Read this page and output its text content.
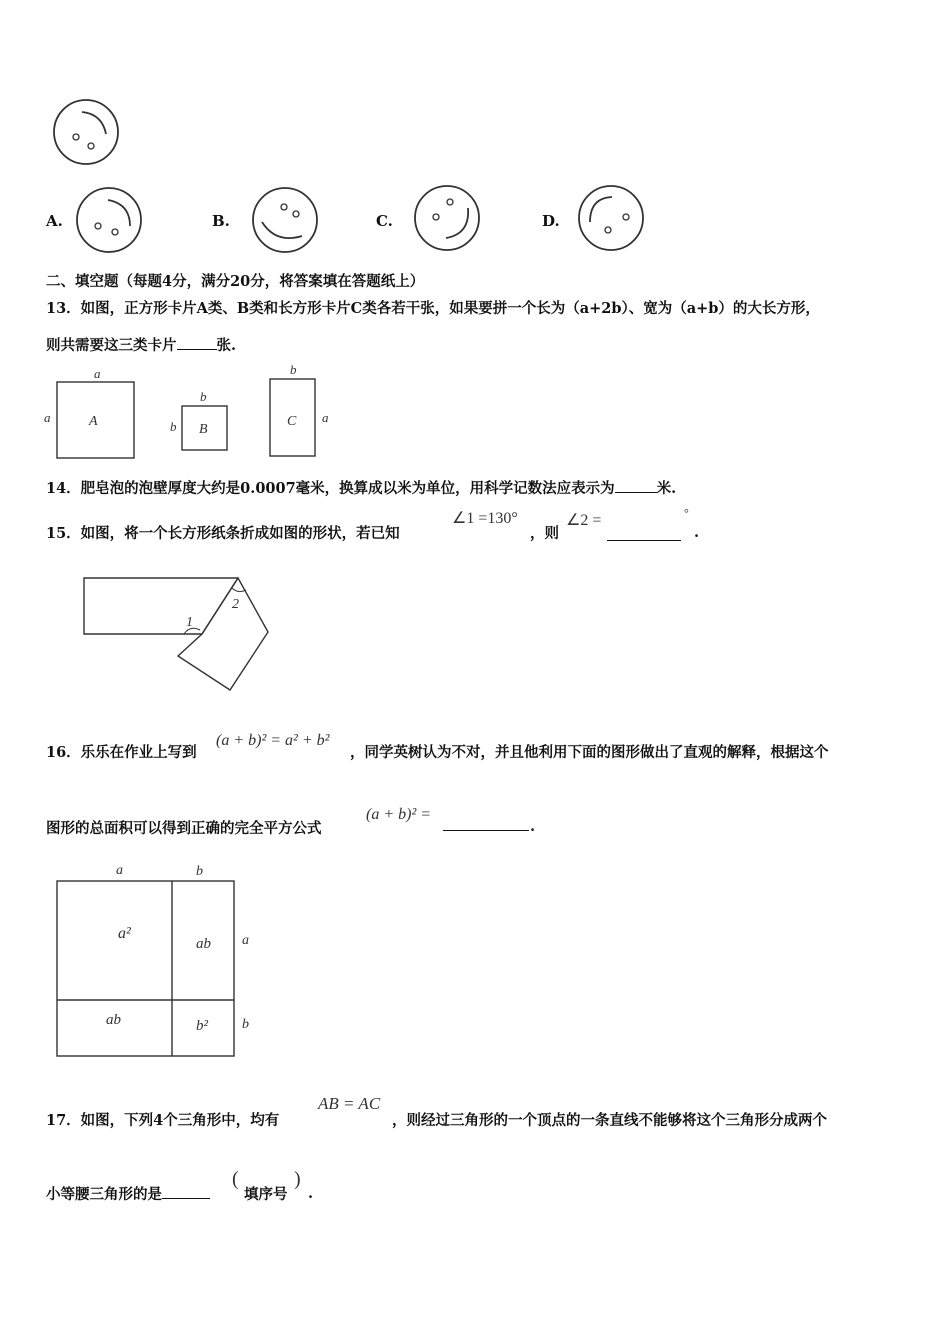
A.	B.	C.	D.
二、填空题（每题4分，满分20分，将答案填在答题纸上）
13．如图，正方形卡片A类、B类和长方形卡片C类各若干张，如果要拼一个长为（a+2b）、宽为（a+b）的大长方形，
则共需要这三类卡片	张.
a
a	A
b
b B
b
a
C
14．肥皂泡的泡壁厚度大约是0.0007毫米，换算成以米为单位，用科学记数法应表示为	米.
15．如图，将一个长方形纸条折成如图的形状，若已知
∠1 =130°
，则
∠2 =	°
.
1
2
16．乐乐在作业上写到
(a + b)² = a² + b²
，同学英树认为不对，并且他利用下面的图形做出了直观的解释，根据这个
图形的总面积可以得到正确的完全平方公式
(a + b)² =
.
a	b
a
b
a²
ab
ab	b²
17．如图，下列4个三角形中，均有
AB = AC
，则经过三角形的一个顶点的一条直线不能够将这个三角形分成两个
小等腰三角形的是
(
填序号
)
.
